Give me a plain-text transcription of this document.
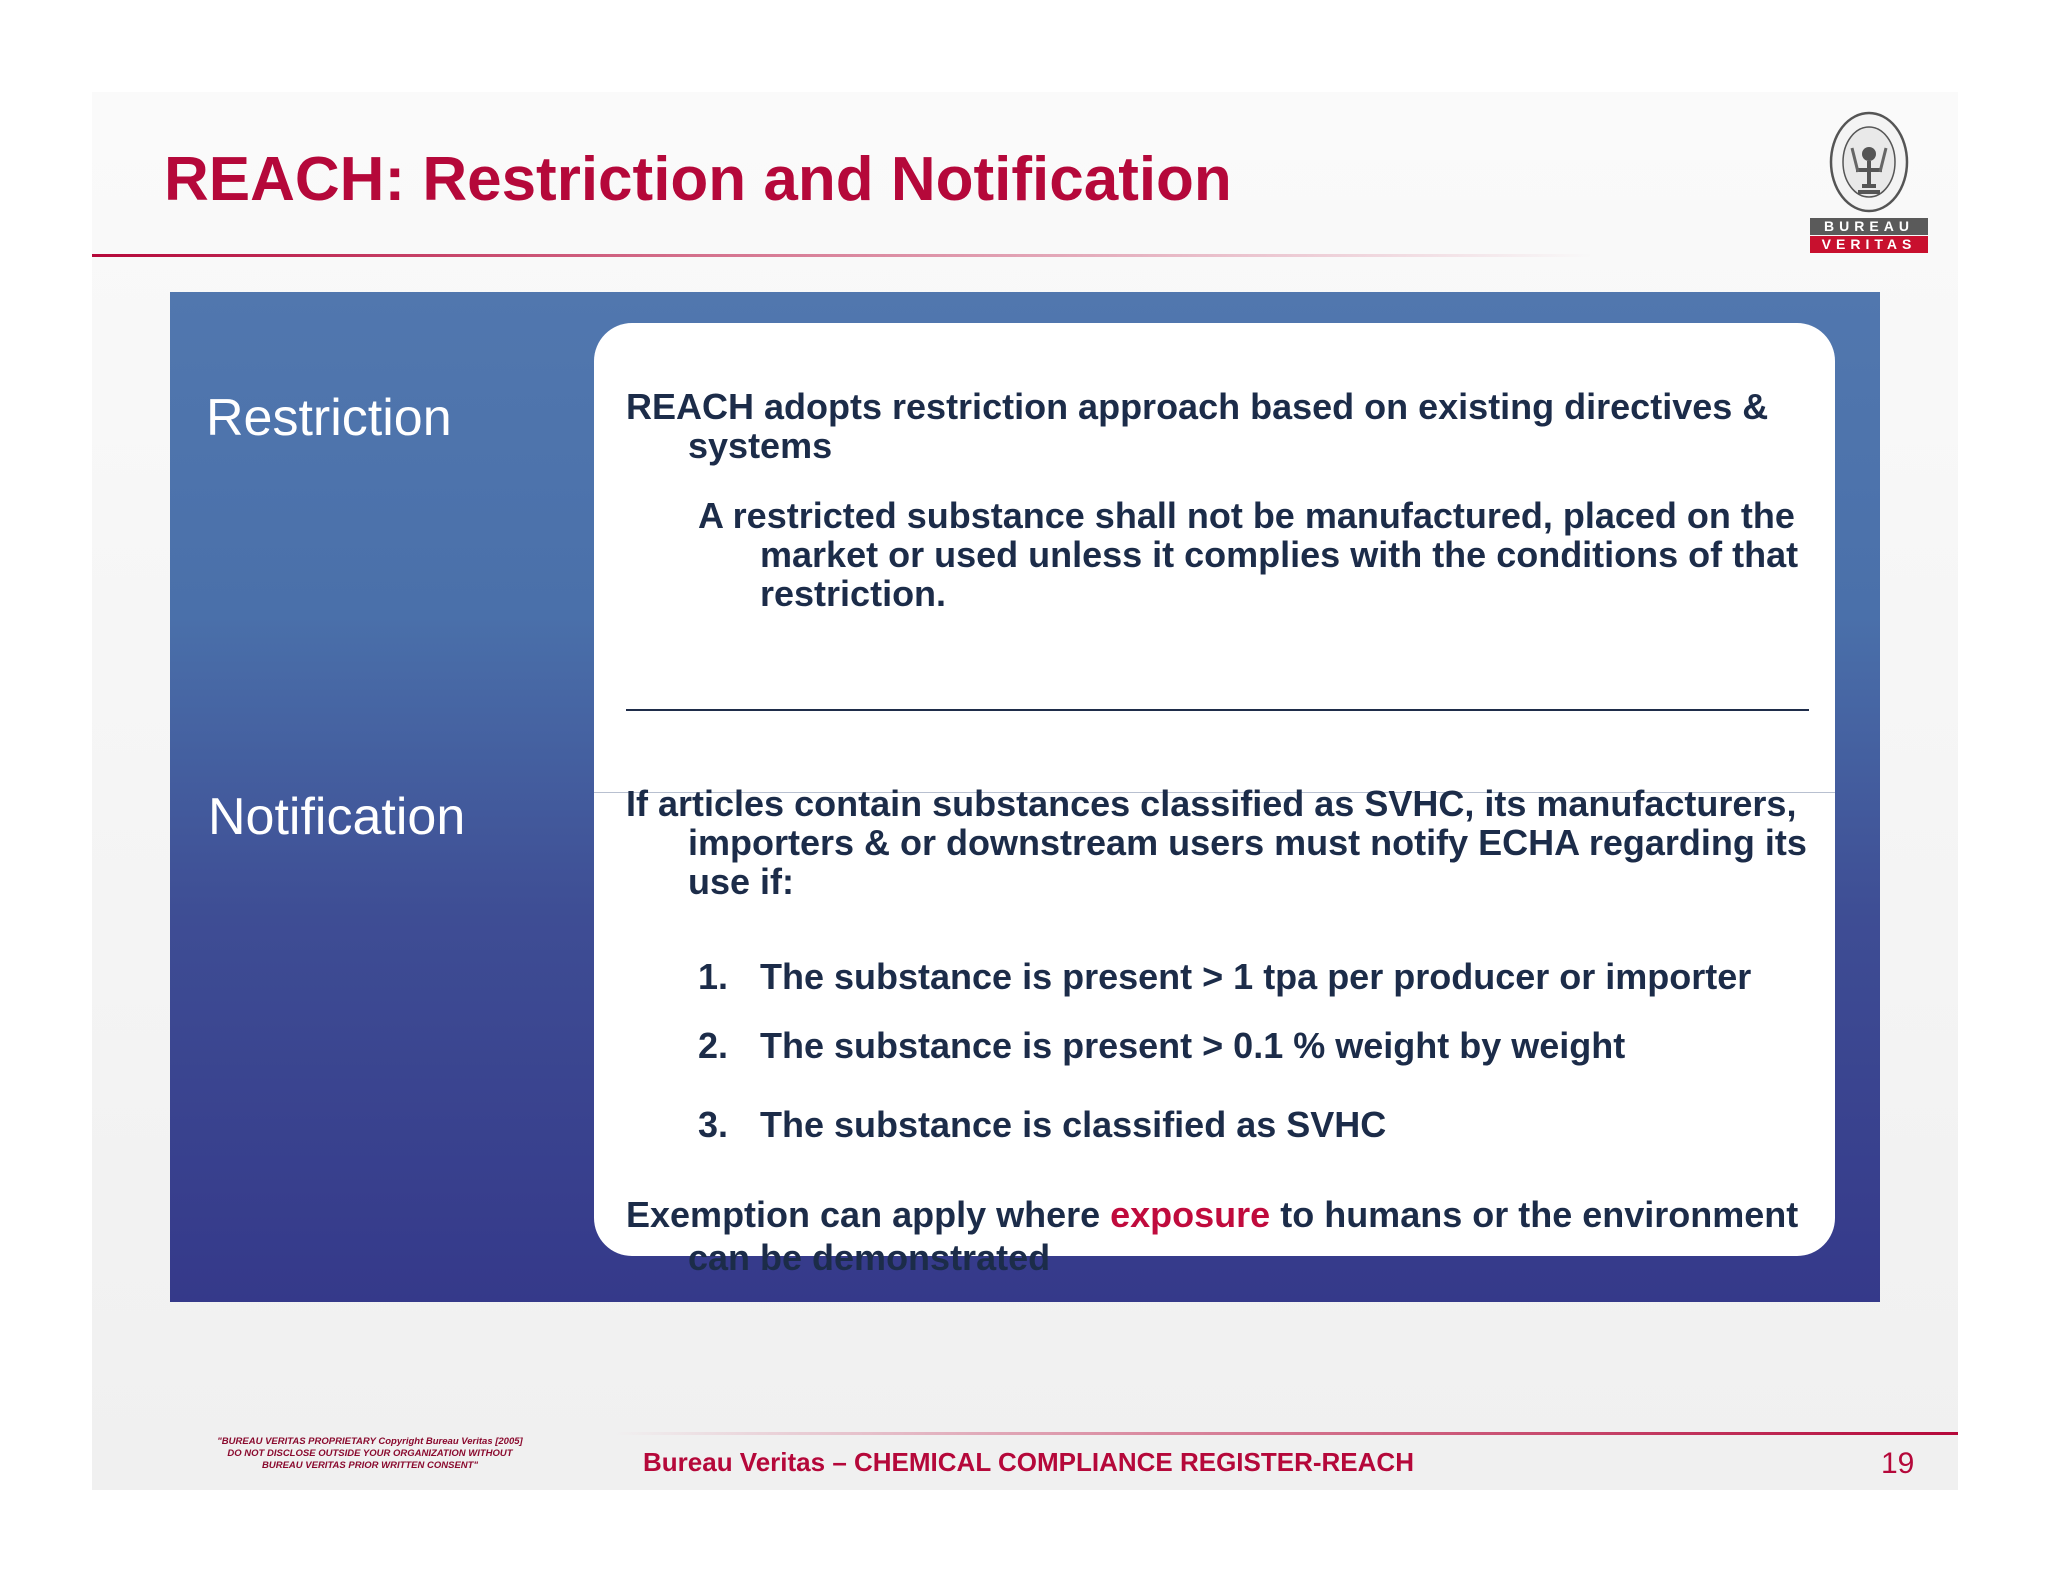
REACH: Restriction and Notification
BUREAU
VERITAS
Restriction
Notification

REACH adopts restriction approach based on existing directives & systems

A restricted substance shall not be manufactured, placed on the market or used unless it complies with the conditions of that restriction.

If articles contain substances classified as SVHC, its manufacturers, importers & or downstream users must notify ECHA regarding its use if:

1. The substance is present > 1 tpa per producer or importer
2. The substance is present > 0.1 % weight by weight
3. The substance is classified as SVHC

Exemption can apply where exposure to humans or the environment can be demonstrated

"BUREAU VERITAS PROPRIETARY Copyright Bureau Veritas [2005]
DO NOT DISCLOSE OUTSIDE YOUR ORGANIZATION WITHOUT
BUREAU VERITAS PRIOR WRITTEN CONSENT"	Bureau Veritas – CHEMICAL COMPLIANCE REGISTER-REACH	19
